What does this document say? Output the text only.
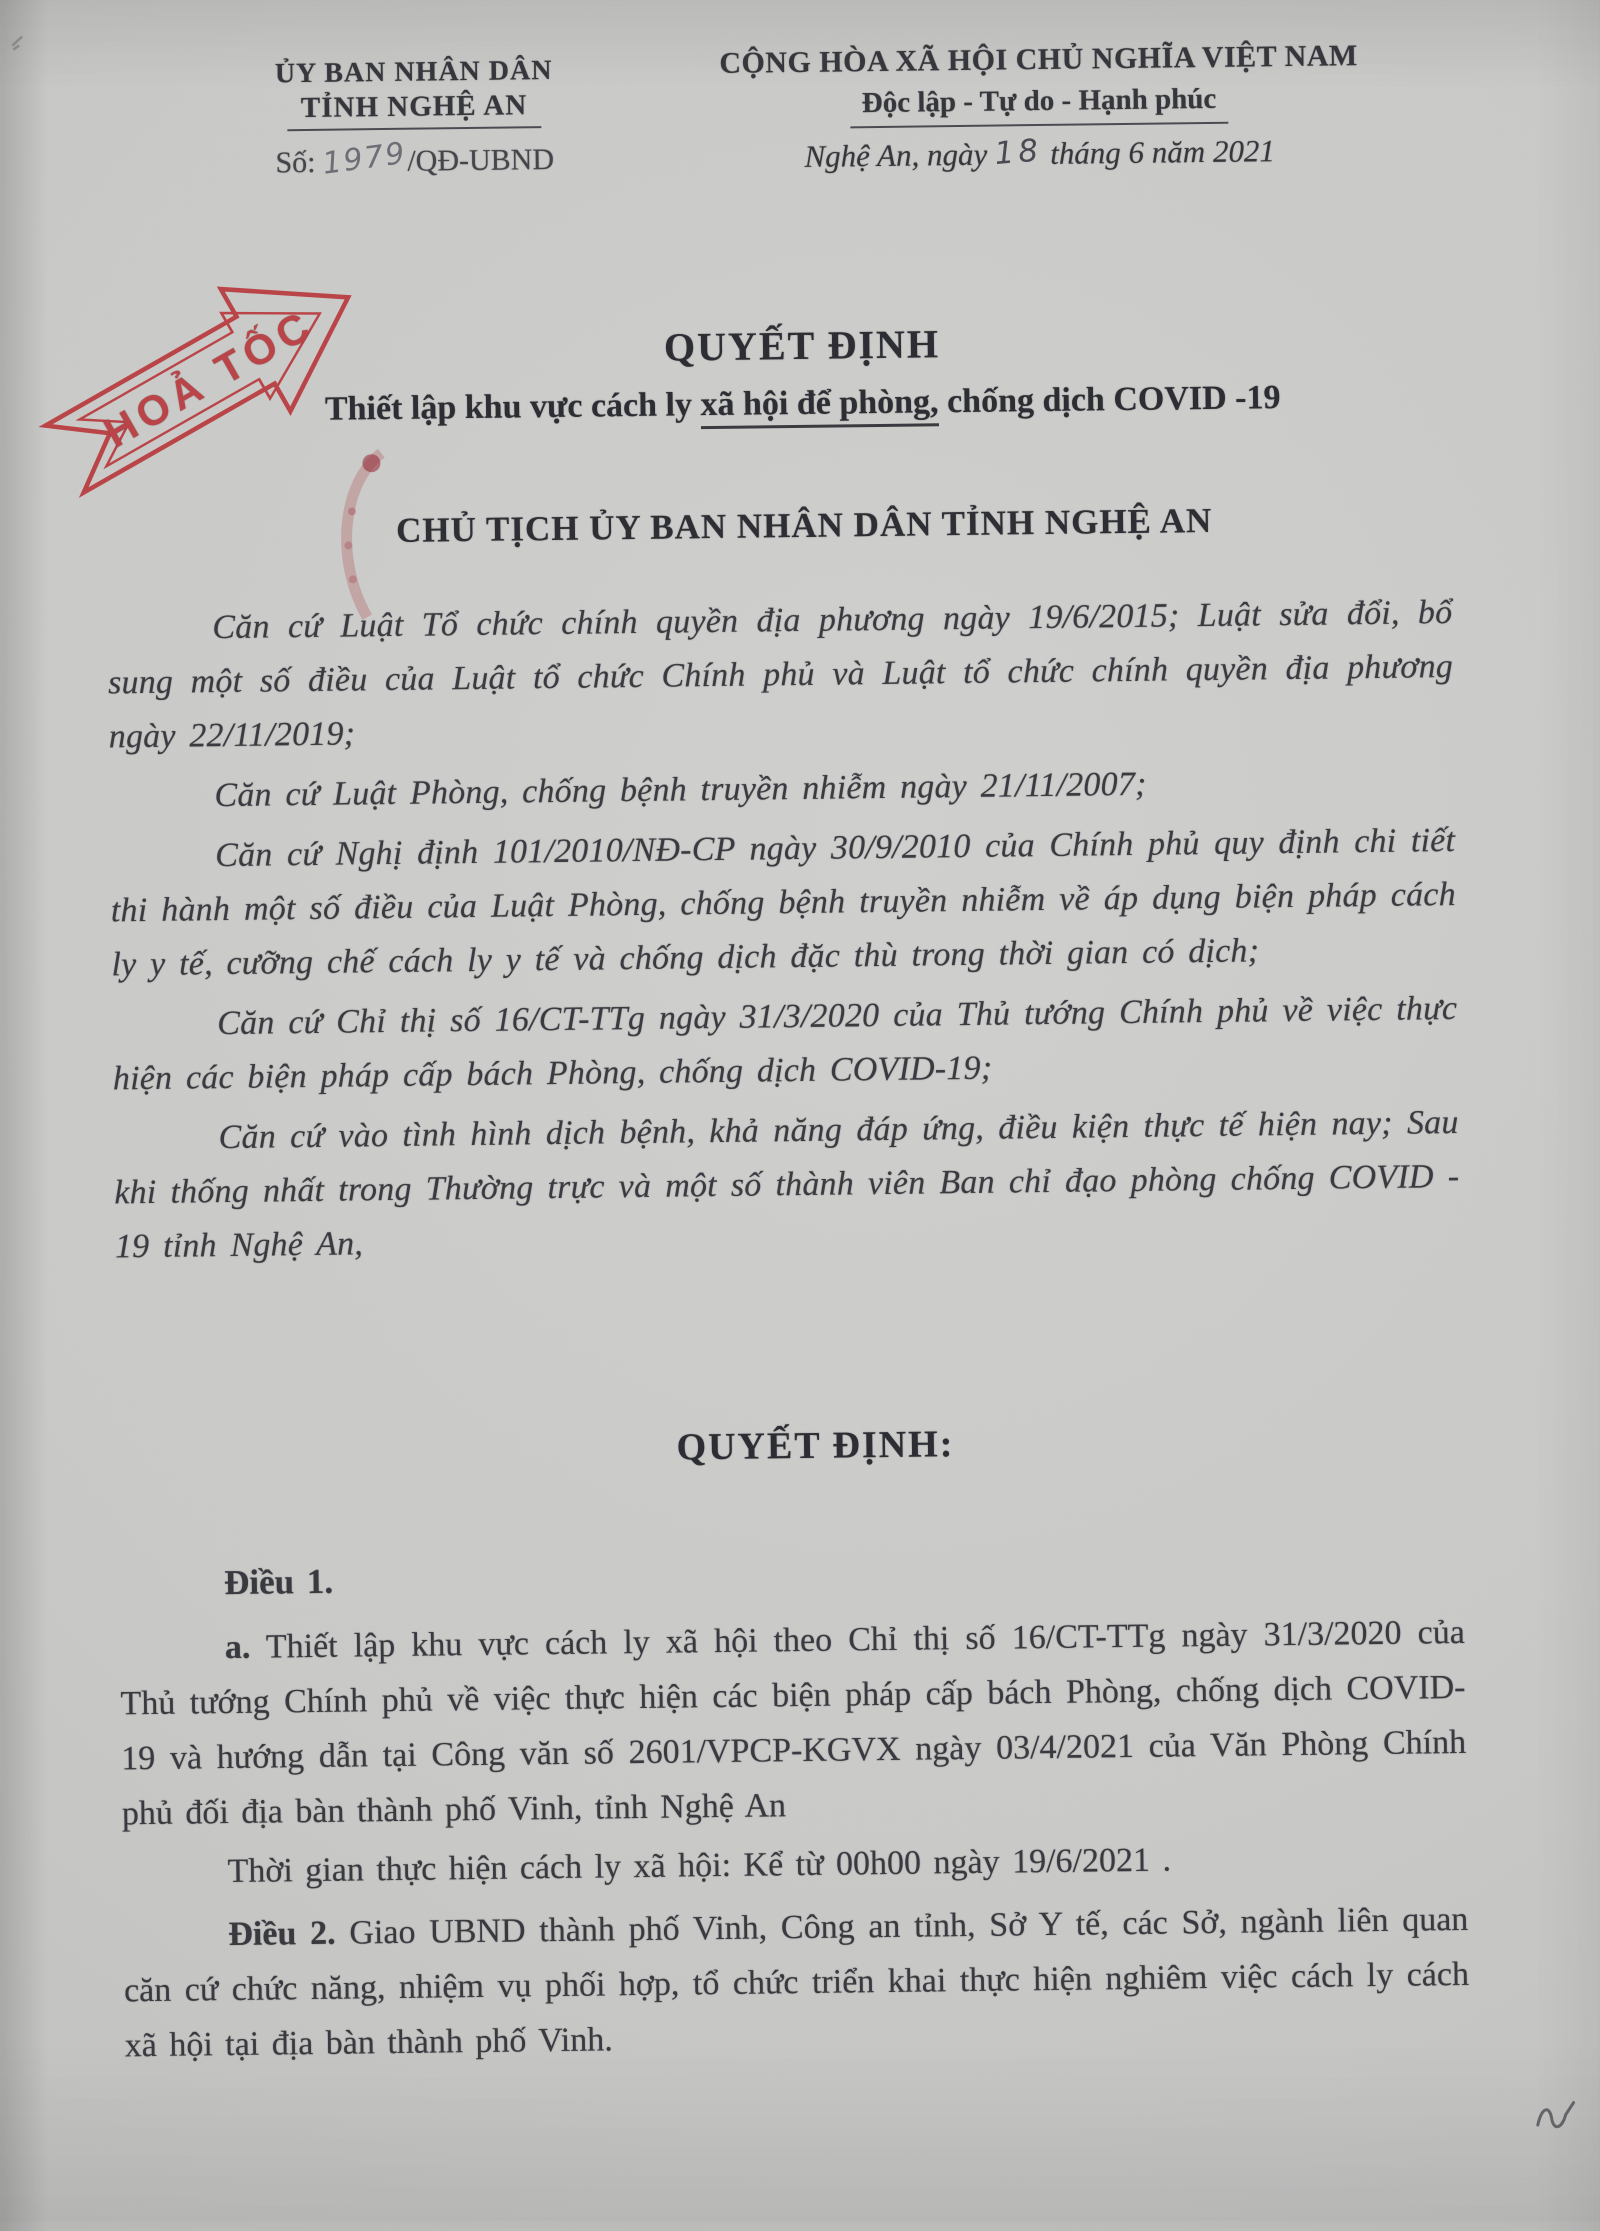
ỦY BAN NHÂN DÂN
TỈNH NGHỆ AN
Số: 1979/QĐ-UBND
CỘNG HÒA XÃ HỘI CHỦ NGHĨA VIỆT NAM
Độc lập - Tự do - Hạnh phúc
Nghệ An, ngày 18 tháng 6 năm 2021
HOẢ TỐC	QUYẾT ĐỊNH
Thiết lập khu vực cách ly xã hội để phòng, chống dịch COVID -19
CHỦ TỊCH ỦY BAN NHÂN DÂN TỈNH NGHỆ AN

Căn cứ Luật Tổ chức chính quyền địa phương ngày 19/6/2015; Luật sửa đổi, bổ sung một số điều của Luật tổ chức Chính phủ và Luật tổ chức chính quyền địa phương ngày 22/11/2019;

Căn cứ Luật Phòng, chống bệnh truyền nhiễm ngày 21/11/2007;

Căn cứ Nghị định 101/2010/NĐ-CP ngày 30/9/2010 của Chính phủ quy định chi tiết thi hành một số điều của Luật Phòng, chống bệnh truyền nhiễm về áp dụng biện pháp cách ly y tế, cưỡng chế cách ly y tế và chống dịch đặc thù trong thời gian có dịch;

Căn cứ Chỉ thị số 16/CT-TTg ngày 31/3/2020 của Thủ tướng Chính phủ về việc thực hiện các biện pháp cấp bách Phòng, chống dịch COVID-19;

Căn cứ vào tình hình dịch bệnh, khả năng đáp ứng, điều kiện thực tế hiện nay; Sau khi thống nhất trong Thường trực và một số thành viên Ban chỉ đạo phòng chống COVID - 19 tỉnh Nghệ An,

QUYẾT ĐỊNH:

Điều 1.

a. Thiết lập khu vực cách ly xã hội theo Chỉ thị số 16/CT-TTg ngày 31/3/2020 của Thủ tướng Chính phủ về việc thực hiện các biện pháp cấp bách Phòng, chống dịch COVID-19 và hướng dẫn tại Công văn số 2601/VPCP-KGVX ngày 03/4/2021 của Văn Phòng Chính phủ đối địa bàn thành phố Vinh, tỉnh Nghệ An

Thời gian thực hiện cách ly xã hội: Kể từ 00h00 ngày 19/6/2021 .

Điều 2. Giao UBND thành phố Vinh, Công an tỉnh, Sở Y tế, các Sở, ngành liên quan căn cứ chức năng, nhiệm vụ phối hợp, tổ chức triển khai thực hiện nghiêm việc cách ly cách xã hội tại địa bàn thành phố Vinh.
